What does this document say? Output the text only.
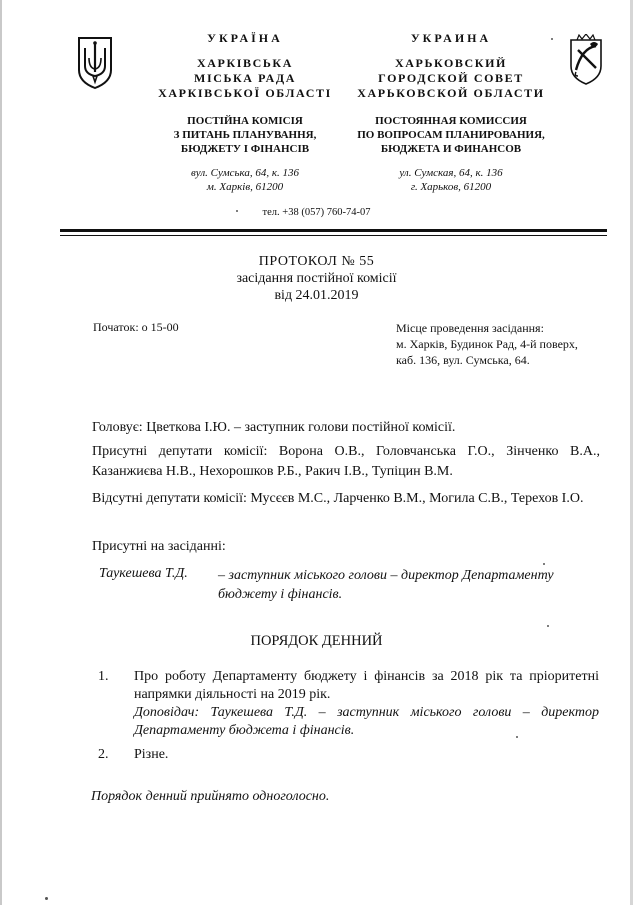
УКРАЇНА
ХАРКІВСЬКА
МІСЬКА РАДА
ХАРКІВСЬКОЇ ОБЛАСТІ
ПОСТІЙНА КОМІСІЯ
З ПИТАНЬ ПЛАНУВАННЯ,
БЮДЖЕТУ І ФІНАНСІВ
вул. Сумська, 64, к. 136
м. Харків, 61200
УКРАИНА
ХАРЬКОВСКИЙ
ГОРОДСКОЙ СОВЕТ
ХАРЬКОВСКОЙ ОБЛАСТИ
ПОСТОЯННАЯ КОМИССИЯ
ПО ВОПРОСАМ ПЛАНИРОВАНИЯ,
БЮДЖЕТА И ФИНАНСОВ
ул. Сумская, 64, к. 136
г. Харьков, 61200
тел. +38 (057) 760-74-07
ПРОТОКОЛ № 55
засідання постійної комісії
від 24.01.2019
Початок: о 15-00	Місце проведення засідання:
м. Харків, Будинок Рад, 4-й поверх,
каб. 136, вул. Сумська, 64.
Головує: Цветкова І.Ю. – заступник голови постійної комісії.
Присутні депутати комісії: Ворона О.В., Головчанська Г.О., Зінченко В.А., Казанжиєва Н.В., Нехорошков Р.Б., Ракич І.В., Тупіцин В.М.
Відсутні депутати комісії: Мусєєв М.С., Ларченко В.М., Могила С.В., Терехов І.О.
Присутні на засіданні:
Таукешева Т.Д. – заступник міського голови – директор Департаменту бюджету і фінансів.
ПОРЯДОК ДЕННИЙ
1. Про роботу Департаменту бюджету і фінансів за 2018 рік та пріоритетні напрямки діяльності на 2019 рік.
Доповідач: Таукешева Т.Д. – заступник міського голови – директор Департаменту бюджета і фінансів.
2. Різне.
Порядок денний прийнято одноголосно.
